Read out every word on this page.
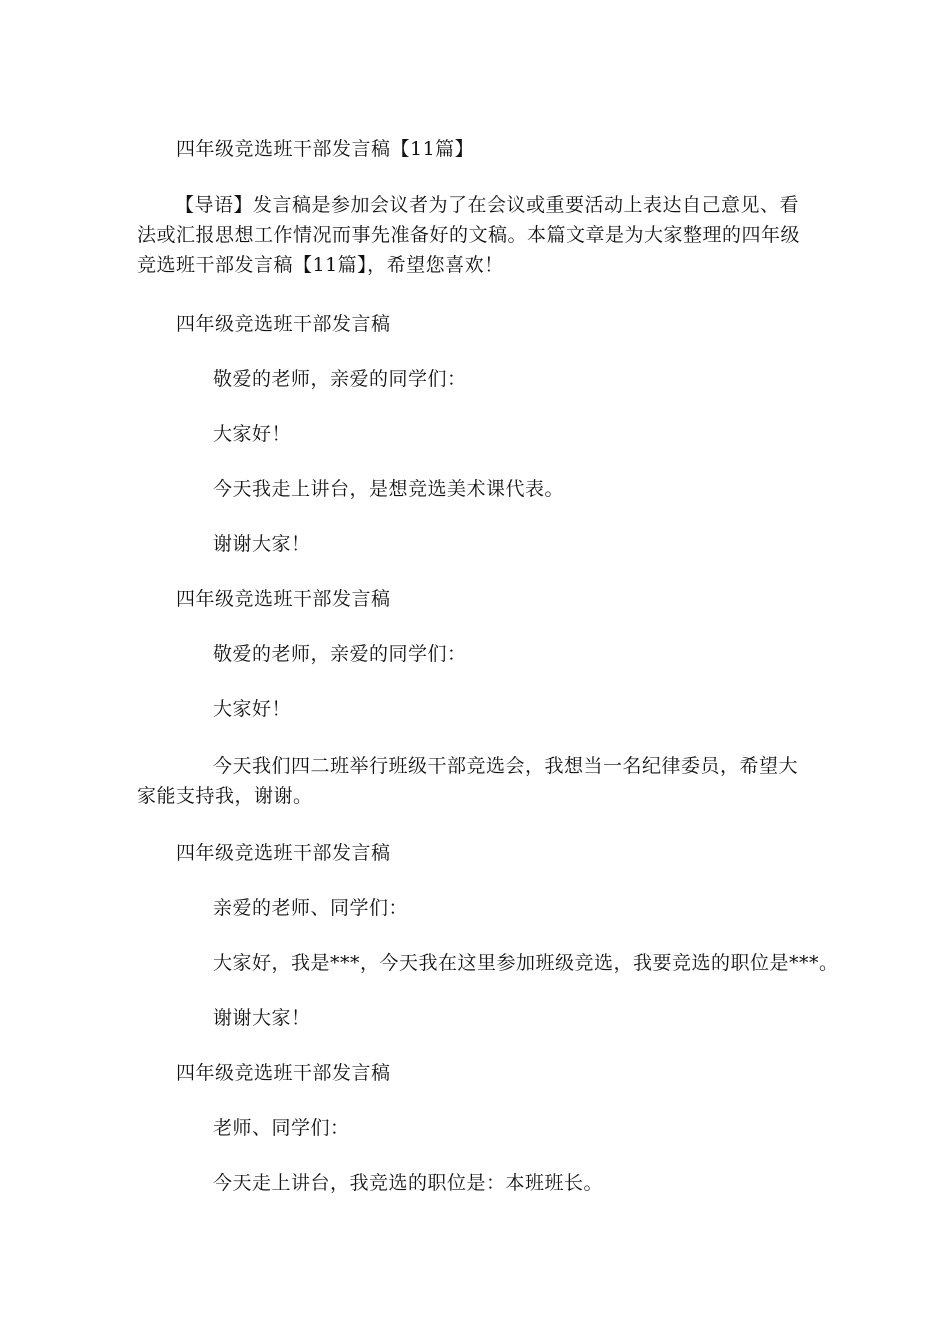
四年级竞选班干部发言稿【11篇】
【导语】发言稿是参加会议者为了在会议或重要活动上表达自己意见、看法或汇报思想工作情况而事先准备好的文稿。本篇文章是为大家整理的四年级竞选班干部发言稿【11篇】，希望您喜欢！
四年级竞选班干部发言稿
敬爱的老师，亲爱的同学们：
大家好！
今天我走上讲台，是想竞选美术课代表。
谢谢大家！
四年级竞选班干部发言稿
敬爱的老师，亲爱的同学们：
大家好！
今天我们四二班举行班级干部竞选会，我想当一名纪律委员，希望大家能支持我，谢谢。
四年级竞选班干部发言稿
亲爱的老师、同学们：
大家好，我是***，今天我在这里参加班级竞选，我要竞选的职位是***。
谢谢大家！
四年级竞选班干部发言稿
老师、同学们：
今天走上讲台，我竞选的职位是：本班班长。
